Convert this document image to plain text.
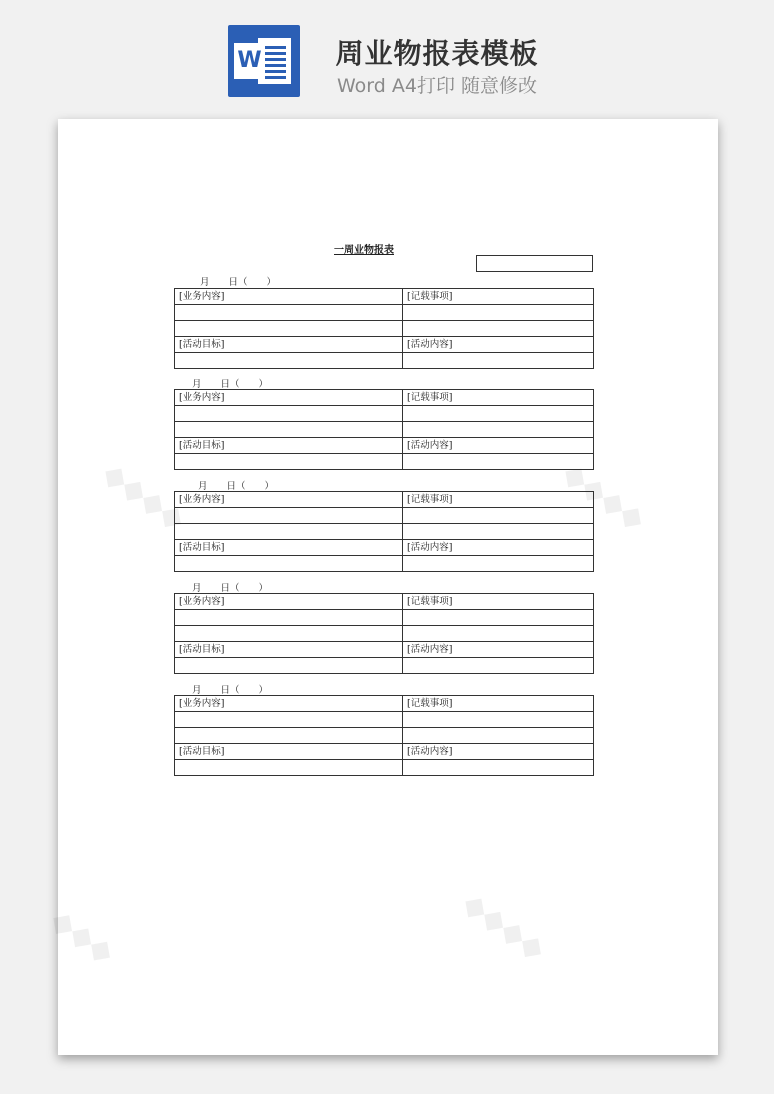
W	周业物报表模板
Word A4打印 随意修改
◆◆◆◆	◆◆◆◆
◆◆◆◆
◆◆◆
一周业物报表
月　　日（　　）
[业务内容]	[记载事项]

[活动目标]	[活动内容]

月　　日（　　）
[业务内容]	[记载事项]

[活动目标]	[活动内容]

月　　日（　　）
[业务内容]	[记载事项]

[活动目标]	[活动内容]

月　　日（　　）
[业务内容]	[记载事项]

[活动目标]	[活动内容]

月　　日（　　）
[业务内容]	[记载事项]

[活动目标]	[活动内容]
